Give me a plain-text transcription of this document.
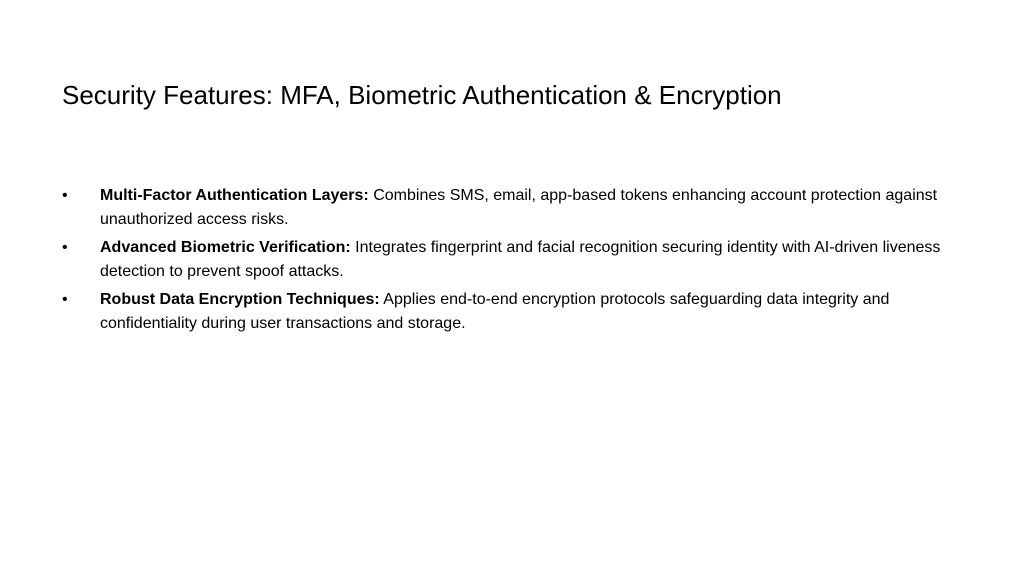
Security Features: MFA, Biometric Authentication & Encryption
•	Multi-Factor Authentication Layers: Combines SMS, email, app-based tokens enhancing account protection against unauthorized access risks.
•	Advanced Biometric Verification: Integrates fingerprint and facial recognition securing identity with AI-driven liveness detection to prevent spoof attacks.
•	Robust Data Encryption Techniques: Applies end-to-end encryption protocols safeguarding data integrity and confidentiality during user transactions and storage.
